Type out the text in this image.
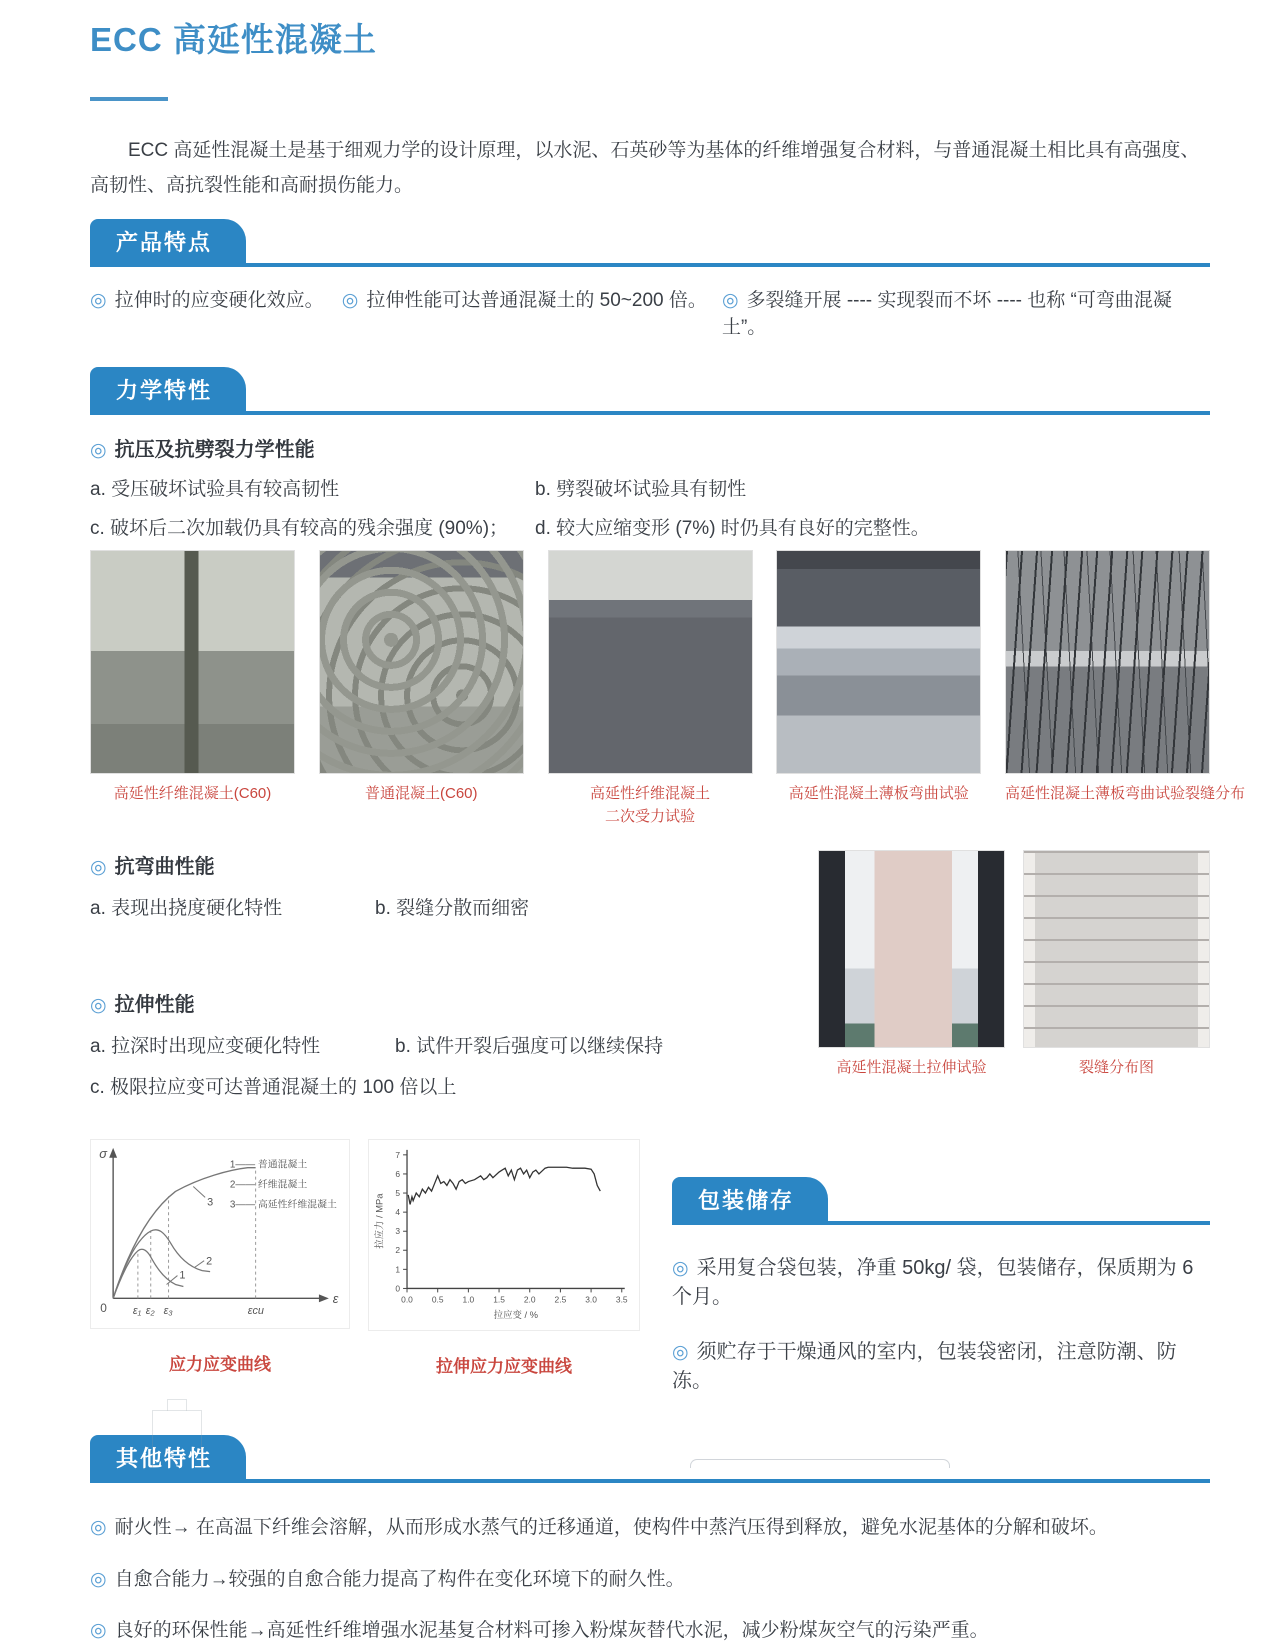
ECC 高延性混凝土

ECC 高延性混凝土是基于细观力学的设计原理，以水泥、石英砂等为基体的纤维增强复合材料，与普通混凝土相比具有高强度、高韧性、高抗裂性能和高耐损伤能力。

产品特点
◎ 拉伸时的应变硬化效应。 ◎ 拉伸性能可达普通混凝土的 50~200 倍。 ◎ 多裂缝开展 ---- 实现裂而不坏 ---- 也称 “可弯曲混凝土”。
力学特性
◎ 抗压及抗劈裂力学性能
a. 受压破坏试验具有较高韧性	b. 劈裂破坏试验具有韧性
c. 破坏后二次加载仍具有较高的残余强度 (90%)；	d. 较大应缩变形 (7%) 时仍具有良好的完整性。
高延性纤维混凝土(C60)	普通混凝土(C60)	高延性纤维混凝土
二次受力试验
高延性混凝土薄板弯曲试验	高延性混凝土薄板弯曲试验裂缝分布
◎ 抗弯曲性能
a. 表现出挠度硬化特性	b. 裂缝分散而细密
◎ 拉伸性能
a. 拉深时出现应变硬化特性	b. 试件开裂后强度可以继续保持
c. 极限拉应变可达普通混凝土的 100 倍以上
高延性混凝土拉伸试验	裂缝分布图
σ
ε
0
1
2
3
1—— 普通混凝土
2—— 纤维混凝土
3—— 高延性纤维混凝土
ε₁ ε₂ ε₃	εcu
应力应变曲线
0
1
2
3
4
5
6
7
0.0 0.5 1.0 1.5 2.0 2.5 3.0 3.5
拉应变 / %
拉应力 / MPa
拉伸应力应变曲线
包装储存
◎ 采用复合袋包装，净重 50kg/ 袋，包装储存，保质期为 6 个月。
◎ 须贮存于干燥通风的室内，包装袋密闭，注意防潮、防冻。
其他特性
◎ 耐火性→ 在高温下纤维会溶解，从而形成水蒸气的迁移通道，使构件中蒸汽压得到释放，避免水泥基体的分解和破坏。
◎ 自愈合能力→较强的自愈合能力提高了构件在变化环境下的耐久性。
◎ 良好的环保性能→高延性纤维增强水泥基复合材料可掺入粉煤灰替代水泥，减少粉煤灰空气的污染严重。
